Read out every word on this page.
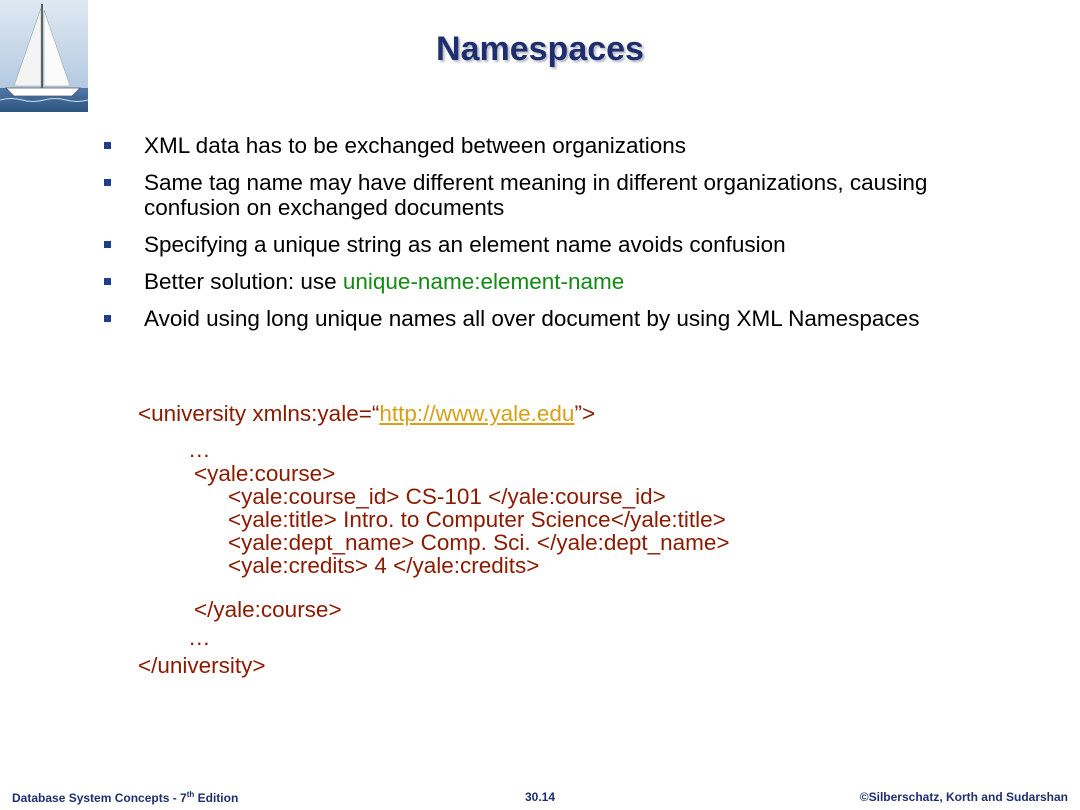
Namespaces
XML data has to be exchanged between organizations
Same tag name may have different meaning in different organizations, causing confusion on exchanged documents
Specifying a unique string as an element name avoids confusion
Better solution: use unique-name:element-name
Avoid using long unique names all over document by using XML Namespaces
<university xmlns:yale=“http://www.yale.edu”>
…
<yale:course>
<yale:course_id> CS-101 </yale:course_id>
<yale:title> Intro. to Computer Science</yale:title>
<yale:dept_name> Comp. Sci. </yale:dept_name>
<yale:credits> 4 </yale:credits>
</yale:course>
…
</university>
Database System Concepts - 7th Edition	30.14	©Silberschatz, Korth and Sudarshan
